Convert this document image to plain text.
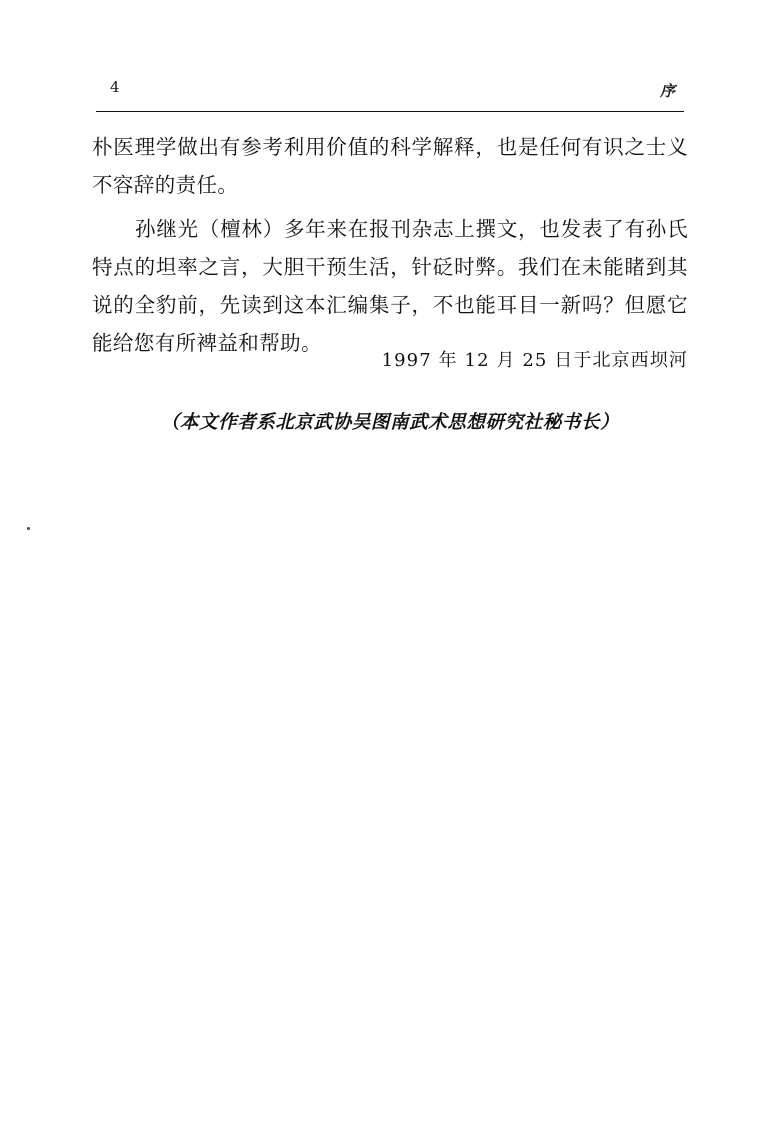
4	序

朴医理学做出有参考利用价值的科学解释，也是任何有识之士义不容辞的责任。

孙继光（檀林）多年来在报刊杂志上撰文，也发表了有孙氏特点的坦率之言，大胆干预生活，针砭时弊。我们在未能睹到其说的全豹前，先读到这本汇编集子，不也能耳目一新吗？但愿它能给您有所裨益和帮助。

1997 年 12 月 25 日于北京西坝河
（本文作者系北京武协吴图南武术思想研究社秘书长）
